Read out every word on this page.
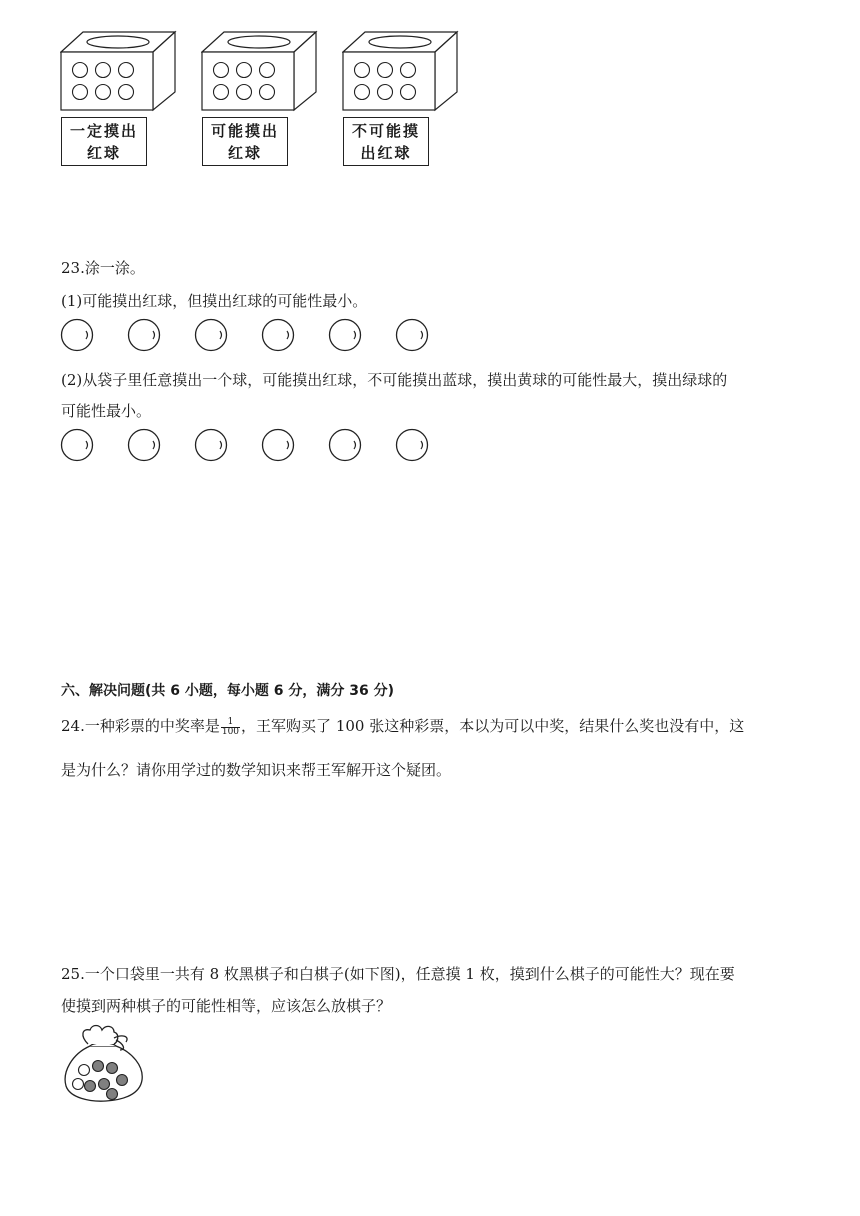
一定摸出红球
可能摸出红球
不可能摸出红球
23.涂一涂。
(1)可能摸出红球，但摸出红球的可能性最小。
(2)从袋子里任意摸出一个球，可能摸出红球，不可能摸出蓝球，摸出黄球的可能性最大，摸出绿球的
可能性最小。
六、解决问题(共 6 小题，每小题 6 分，满分 36 分)
24.一种彩票的中奖率是 $\frac{1}{100}$ ，王军购买了 100 张这种彩票，本以为可以中奖，结果什么奖也没有中，这
是为什么？请你用学过的数学知识来帮王军解开这个疑团。
25.一个口袋里一共有 8 枚黑棋子和白棋子(如下图)，任意摸 1 枚，摸到什么棋子的可能性大？现在要
使摸到两种棋子的可能性相等，应该怎么放棋子？
